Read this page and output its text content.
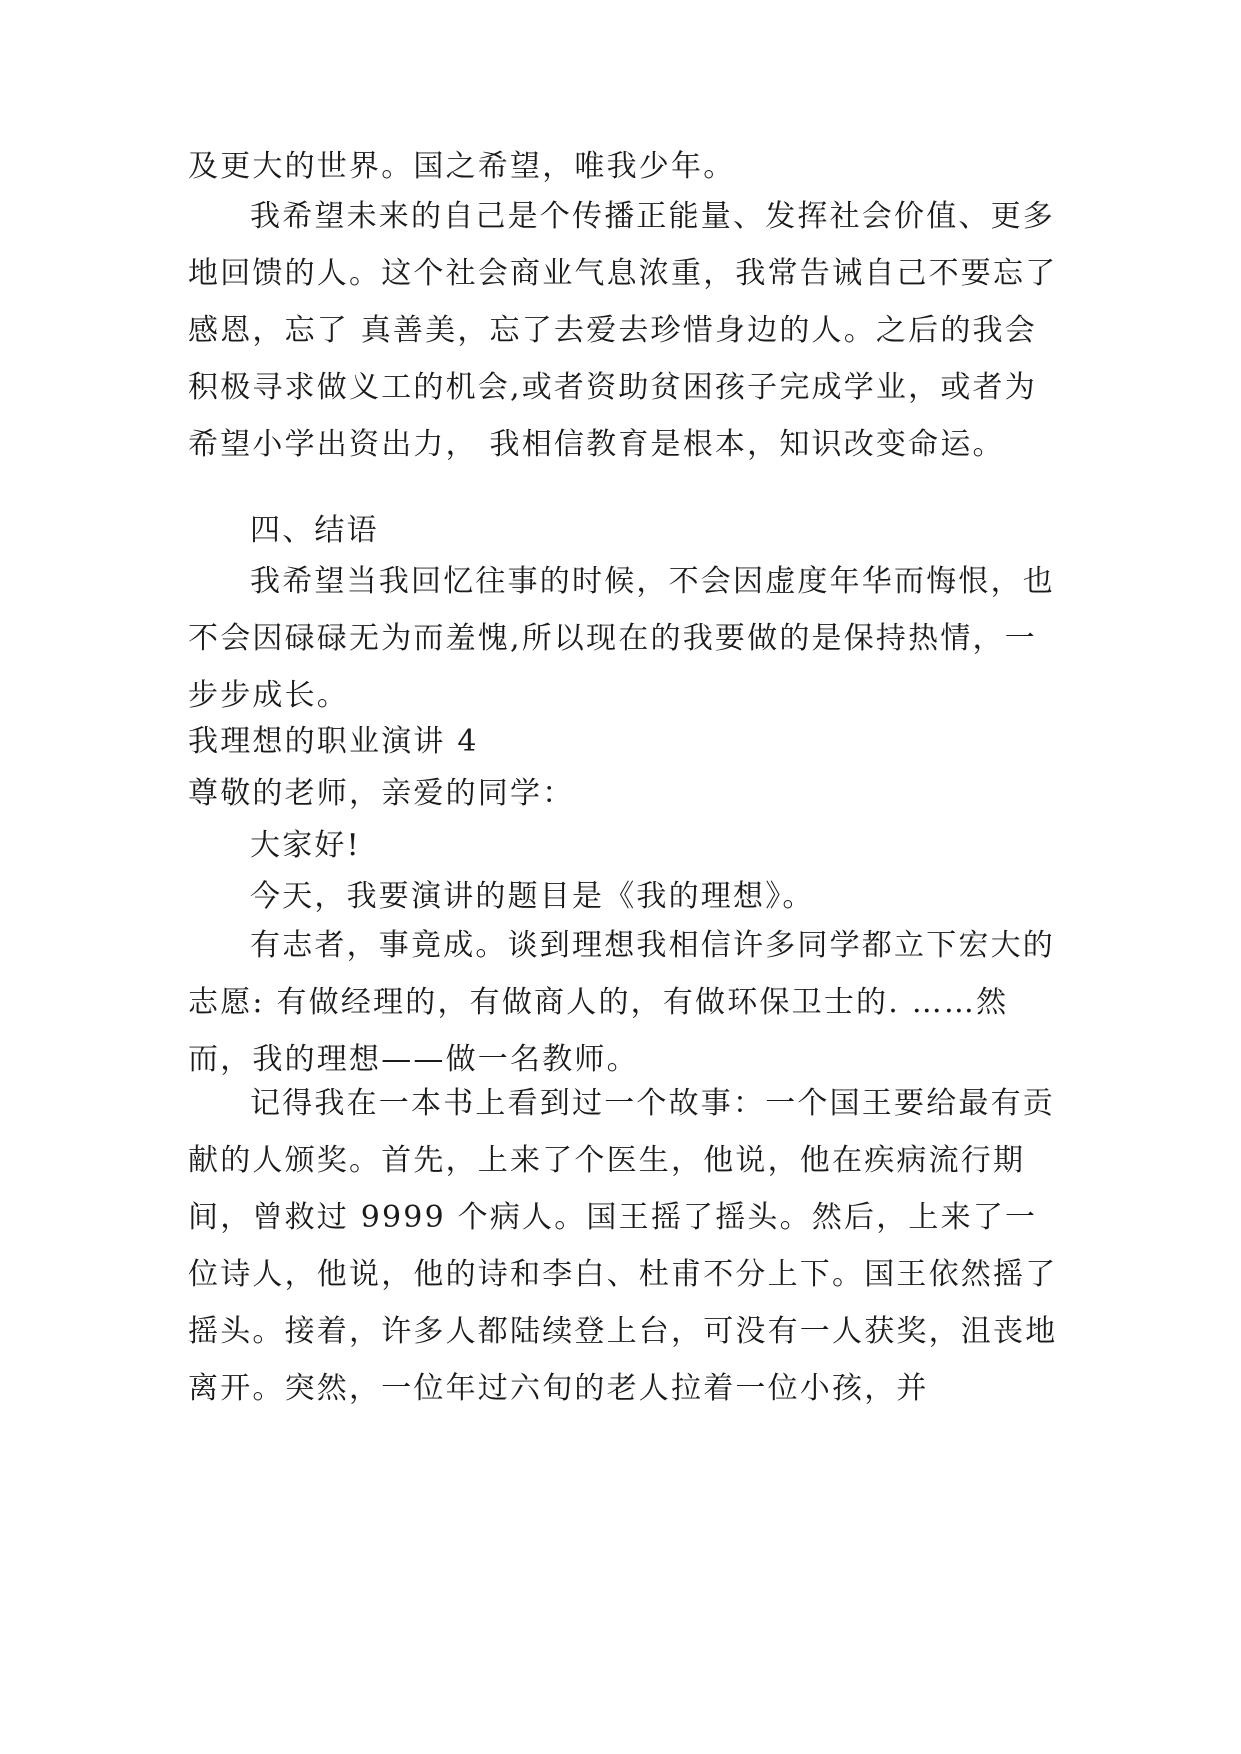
及更大的世界。国之希望，唯我少年。

我希望未来的自己是个传播正能量、发挥社会价值、更多地回馈的人。这个社会商业气息浓重，我常告诫自己不要忘了感恩，忘了 真善美，忘了去爱去珍惜身边的人。之后的我会积极寻求做义工的机会,或者资助贫困孩子完成学业，或者为希望小学出资出力， 我相信教育是根本，知识改变命运。

四、结语

我希望当我回忆往事的时候，不会因虚度年华而悔恨，也不会因碌碌无为而羞愧,所以现在的我要做的是保持热情，一步步成长。

我理想的职业演讲 4

尊敬的老师，亲爱的同学：

大家好!

今天，我要演讲的题目是《我的理想》。

有志者，事竟成。谈到理想我相信许多同学都立下宏大的志愿: 有做经理的，有做商人的，有做环保卫士的. ……然而，我的理想——做一名教师。

记得我在一本书上看到过一个故事：一个国王要给最有贡献的人颁奖。首先，上来了个医生，他说，他在疾病流行期间，曾救过 9999 个病人。国王摇了摇头。然后，上来了一位诗人，他说，他的诗和李白、杜甫不分上下。国王依然摇了摇头。接着，许多人都陆续登上台，可没有一人获奖，沮丧地离开。突然，一位年过六旬的老人拉着一位小孩，并
